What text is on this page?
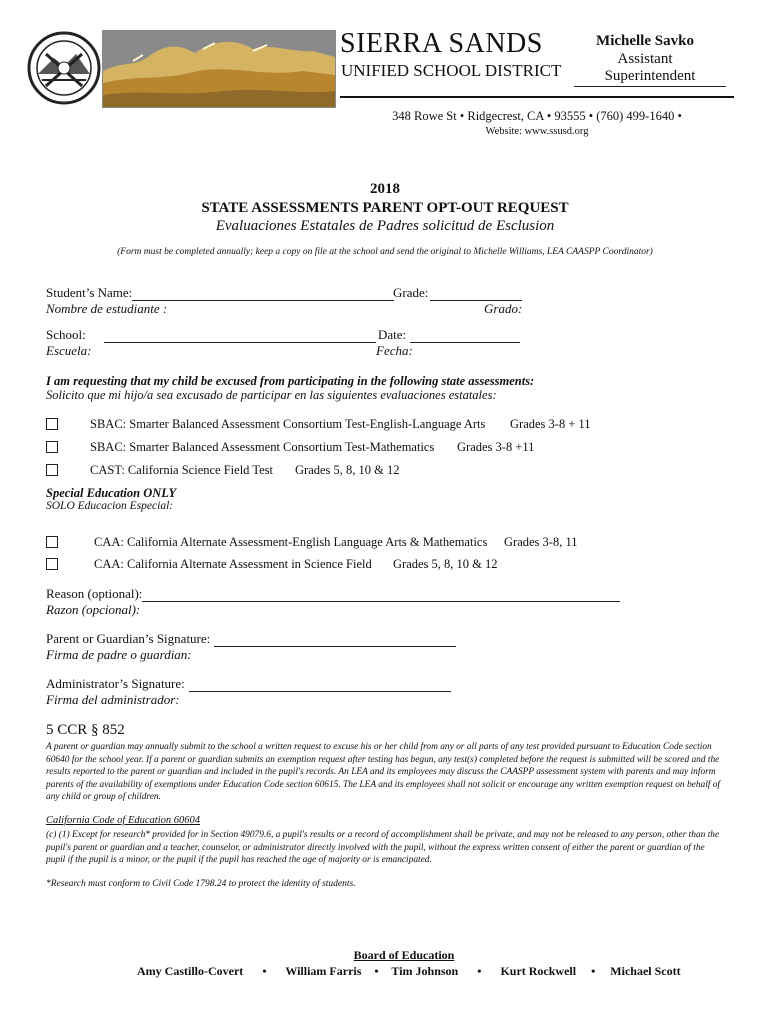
SIERRA SANDS
UNIFIED SCHOOL DISTRICT
Michelle Savko
Assistant
Superintendent
348 Rowe St • Ridgecrest, CA • 93555 • (760) 499-1640 •
Website: www.ssusd.org
2018
STATE ASSESSMENTS PARENT OPT-OUT REQUEST
Evaluaciones Estatales de Padres solicitud de Esclusion
(Form must be completed annually; keep a copy on file at the school and send the original to Michelle Williams, LEA CAASPP Coordinator)
Student’s Name:	Grade:
Nombre de estudiante :	Grado:
School:	Date:
Escuela:	Fecha:
I am requesting that my child be excused from participating in the following state assessments:
Solicito que mi hijo/a sea excusado de participar en las siguientes evaluaciones estatales:
SBAC: Smarter Balanced Assessment Consortium Test-English-Language Arts Grades 3-8 + 11
SBAC: Smarter Balanced Assessment Consortium Test-Mathematics Grades 3-8 +11
CAST: California Science Field Test Grades 5, 8, 10 & 12
Special Education ONLY
SOLO Educacion Especial:
CAA: California Alternate Assessment-English Language Arts & Mathematics Grades 3-8, 11
CAA: California Alternate Assessment in Science Field Grades 5, 8, 10 & 12
Reason (optional):
Razon (opcional):
Parent or Guardian’s Signature:
Firma de padre o guardian:
Administrator’s Signature:
Firma del administrador:
5 CCR § 852
A parent or guardian may annually submit to the school a written request to excuse his or her child from any or all parts of any test provided pursuant to Education Code section 60640 for the school year. If a parent or guardian submits an exemption request after testing has begun, any test(s) completed before the request is submitted will be scored and the results reported to the parent or guardian and included in the pupil's records. An LEA and its employees may discuss the CAASPP assessment system with parents and may inform parents of the availability of exemptions under Education Code section 60615. The LEA and its employees shall not solicit or encourage any written exemption request on behalf of any child or group of children.
California Code of Education 60604
(c) (1) Except for research* provided for in Section 49079.6, a pupil's results or a record of accomplishment shall be private, and may not be released to any person, other than the pupil's parent or guardian and a teacher, counselor, or administrator directly involved with the pupil, without the express written consent of either the parent or guardian of the pupil if the pupil is a minor, or the pupil if the pupil has reached the age of majority or is emancipated.
*Research must conform to Civil Code 1798.24 to protect the identity of students.
Board of Education
Amy Castillo-Covert • William Farris • Tim Johnson • Kurt Rockwell • Michael Scott
